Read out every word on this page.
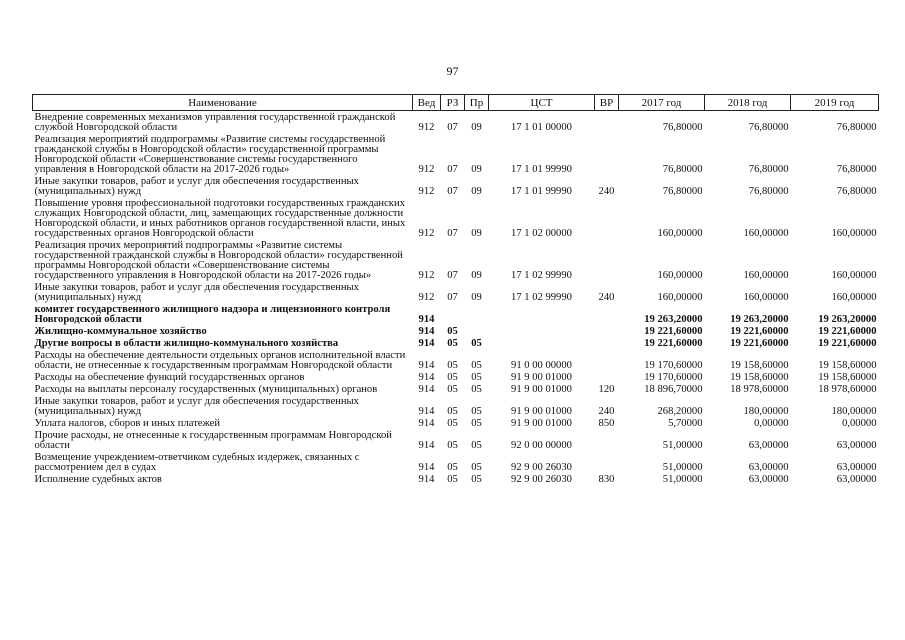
97
Наименование	Вед	РЗ	Пр	ЦСТ	ВР	2017 год	2018 год	2019 год
Внедрение современных механизмов управления государственной гражданской службой Новгородской области	912	07	09	17 1 01 00000		76,80000	76,80000	76,80000
Реализация мероприятий подпрограммы «Развитие системы государственной гражданской службы в Новгородской области» государственной программы Новгородской области «Совершенствование системы государственного управления в Новгородской области на 2017-2026 годы»	912	07	09	17 1 01 99990		76,80000	76,80000	76,80000
Иные закупки товаров, работ и услуг для обеспечения государственных (муниципальных) нужд	912	07	09	17 1 01 99990	240	76,80000	76,80000	76,80000
Повышение уровня профессиональной подготовки государственных гражданских служащих Новгородской области, лиц, замещающих государственные должности Новгородской области, и иных работников органов государственной власти, иных государственных органов Новгородской области	912	07	09	17 1 02 00000		160,00000	160,00000	160,00000
Реализация прочих мероприятий подпрограммы «Развитие системы государственной гражданской службы в Новгородской области» государственной программы Новгородской области «Совершенствование системы государственного управления в Новгородской области на 2017-2026 годы»	912	07	09	17 1 02 99990		160,00000	160,00000	160,00000
Иные закупки товаров, работ и услуг для обеспечения государственных (муниципальных) нужд	912	07	09	17 1 02 99990	240	160,00000	160,00000	160,00000
комитет государственного жилищного надзора и лицензионного контроля Новгородской области	914					19 263,20000	19 263,20000	19 263,20000
Жилищно-коммунальное хозяйство	914	05				19 221,60000	19 221,60000	19 221,60000
Другие вопросы в области жилищно-коммунального хозяйства	914	05	05			19 221,60000	19 221,60000	19 221,60000
Расходы на обеспечение деятельности отдельных органов исполнительной власти области, не отнесенные к государственным программам Новгородской области	914	05	05	91 0 00 00000		19 170,60000	19 158,60000	19 158,60000
Расходы на обеспечение функций государственных органов	914	05	05	91 9 00 01000		19 170,60000	19 158,60000	19 158,60000
Расходы на выплаты персоналу государственных (муниципальных) органов	914	05	05	91 9 00 01000	120	18 896,70000	18 978,60000	18 978,60000
Иные закупки товаров, работ и услуг для обеспечения государственных (муниципальных) нужд	914	05	05	91 9 00 01000	240	268,20000	180,00000	180,00000
Уплата налогов, сборов и иных платежей	914	05	05	91 9 00 01000	850	5,70000	0,00000	0,00000
Прочие расходы, не отнесенные к государственным программам Новгородской области	914	05	05	92 0 00 00000		51,00000	63,00000	63,00000
Возмещение учреждением-ответчиком судебных издержек, связанных с рассмотрением дел в судах	914	05	05	92 9 00 26030		51,00000	63,00000	63,00000
Исполнение судебных актов	914	05	05	92 9 00 26030	830	51,00000	63,00000	63,00000
